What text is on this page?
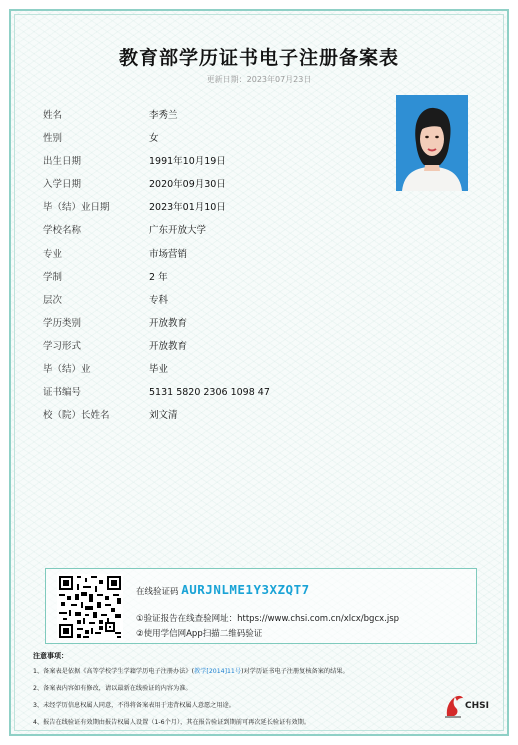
教育部学历证书电子注册备案表
更新日期：2023年07月23日
姓名	李秀兰
性别	女
出生日期	1991年10月19日
入学日期	2020年09月30日
毕（结）业日期	2023年01月10日
学校名称	广东开放大学
专业	市场营销
学制	2 年
层次	专科
学历类别	开放教育
学习形式	开放教育
毕（结）业	毕业
证书编号	5131 5820 2306 1098 47
校（院）长姓名	刘文清
在线验证码 AURJNLME1Y3XZQT7
①验证报告在线查验网址：https://www.chsi.com.cn/xlcx/bgcx.jsp
②使用学信网App扫描二维码验证
注意事项：
1、备案表是依据《高等学校学生学籍学历电子注册办法》(教学[2014]11号)对学历证书电子注册复核备案的结果。
2、备案表内容如有修改，请以最新在线验证的内容为准。
3、未经学历信息权属人同意，不得将备案表用于违背权属人意愿之用途。
4、报告在线验证有效期由报告权属人设置（1-6个月），其在报告验证到期前可再次延长验证有效期。
CHSI
